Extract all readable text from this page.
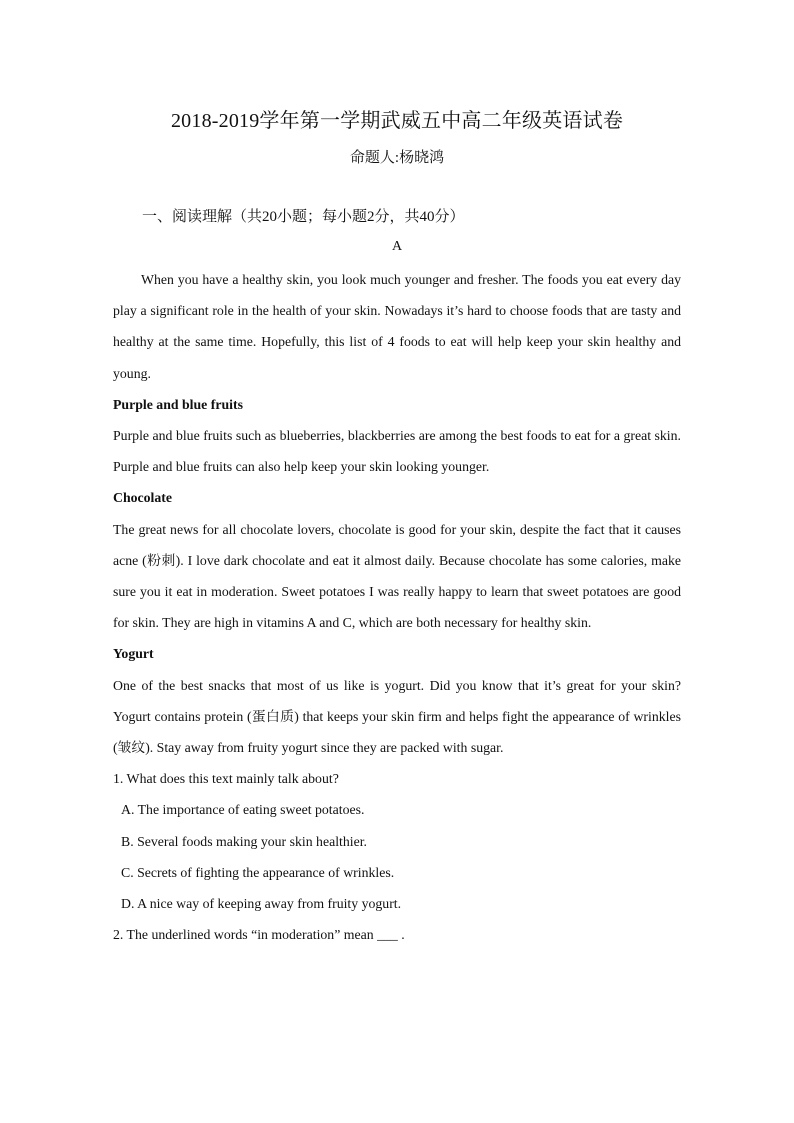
2018-2019学年第一学期武威五中高二年级英语试卷
命题人:杨晓鸿
一、阅读理解（共20小题；每小题2分，共40分）
A

When you have a healthy skin, you look much younger and fresher. The foods you eat every day play a significant role in the health of your skin. Nowadays it’s hard to choose foods that are tasty and healthy at the same time. Hopefully, this list of 4 foods to eat will help keep your skin healthy and young.

Purple and blue fruits

Purple and blue fruits such as blueberries, blackberries are among the best foods to eat for a great skin. Purple and blue fruits can also help keep your skin looking younger.

Chocolate

The great news for all chocolate lovers, chocolate is good for your skin, despite the fact that it causes acne (粉刺). I love dark chocolate and eat it almost daily. Because chocolate has some calories, make sure you it eat in moderation. Sweet potatoes I was really happy to learn that sweet potatoes are good for skin. They are high in vitamins A and C, which are both necessary for healthy skin.

Yogurt

One of the best snacks that most of us like is yogurt. Did you know that it’s great for your skin? Yogurt contains protein (蛋白质) that keeps your skin firm and helps fight the appearance of wrinkles (皱纹). Stay away from fruity yogurt since they are packed with sugar.

1. What does this text mainly talk about?

A. The importance of eating sweet potatoes.

B. Several foods making your skin healthier.

C. Secrets of fighting the appearance of wrinkles.

D. A nice way of keeping away from fruity yogurt.

2. The underlined words “in moderation” mean ___ .
